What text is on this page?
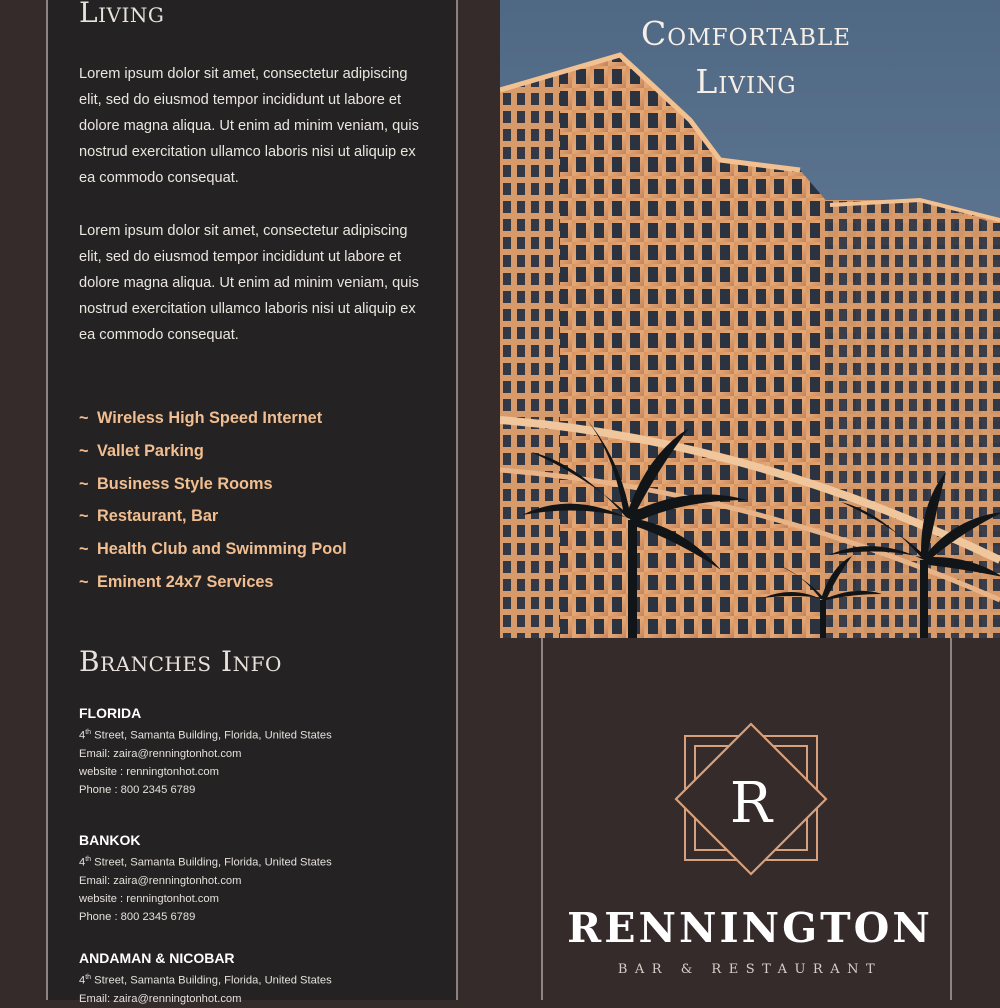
Living

Lorem ipsum dolor sit amet, consectetur adipiscing elit, sed do eiusmod tempor incididunt ut labore et dolore magna aliqua. Ut enim ad minim veniam, quis nostrud exercitation ullamco laboris nisi ut aliquip ex ea commodo consequat.

Lorem ipsum dolor sit amet, consectetur adipiscing elit, sed do eiusmod tempor incididunt ut labore et dolore magna aliqua. Ut enim ad minim veniam, quis nostrud exercitation ullamco laboris nisi ut aliquip ex ea commodo consequat.

~ Wireless High Speed Internet
~ Vallet Parking
~ Business Style Rooms
~ Restaurant, Bar
~ Health Club and Swimming Pool
~ Eminent 24x7 Services
Branches Info
FLORIDA
4th Street, Samanta Building, Florida, United States
Email: zaira@renningtonhot.com
website : renningtonhot.com
Phone : 800 2345 6789
BANKOK
4th Street, Samanta Building, Florida, United States
Email: zaira@renningtonhot.com
website : renningtonhot.com
Phone : 800 2345 6789
ANDAMAN & NICOBAR
4th Street, Samanta Building, Florida, United States
Email: zaira@renningtonhot.com
Comfortable
Living
R
RENNINGTON
BAR & RESTAURANT
